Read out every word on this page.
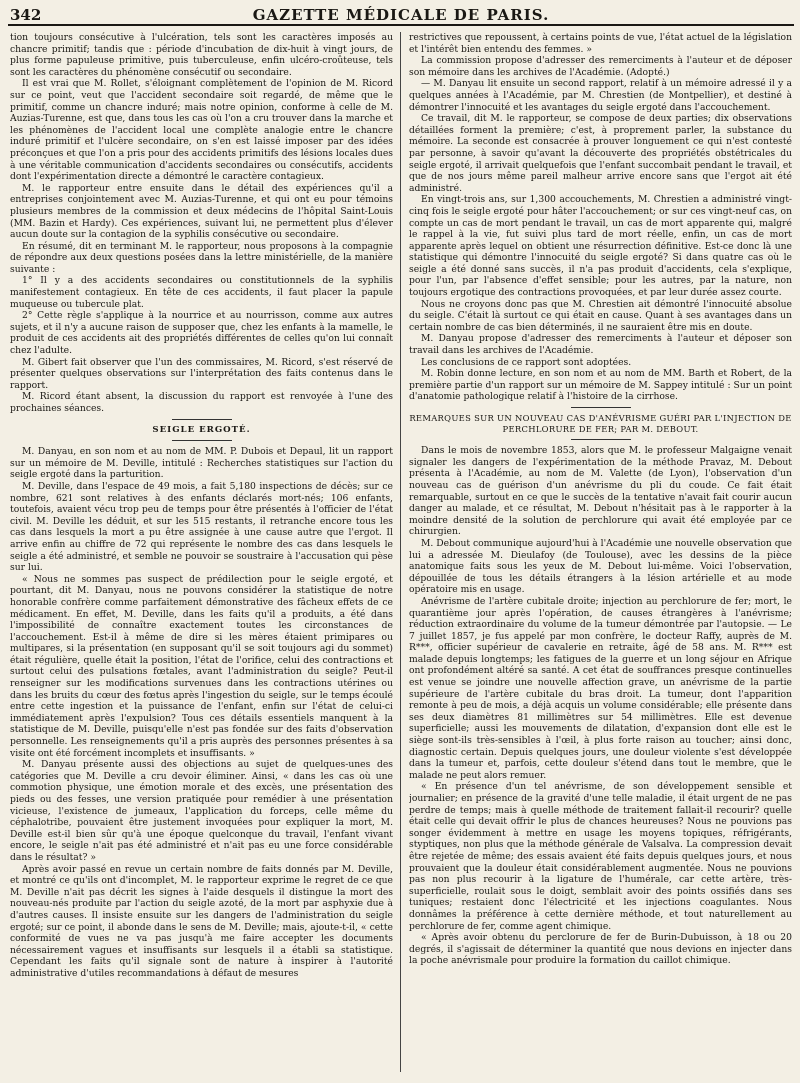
342	GAZETTE MÉDICALE DE PARIS.

tion toujours consécutive à l'ulcération, tels sont les caractères imposés au chancre primitif; tandis que : période d'incubation de dix-huit à vingt jours, de plus forme papuleuse primitive, puis tuberculeuse, enfin ulcéro-croûteuse, tels sont les caractères du phénomène consécutif ou secondaire.

Il est vrai que M. Rollet, s'éloignant complètement de l'opinion de M. Ricord sur ce point, veut que l'accident secondaire soit regardé, de même que le primitif, comme un chancre induré; mais notre opinion, conforme à celle de M. Auzias-Turenne, est que, dans tous les cas où l'on a cru trouver dans la marche et les phénomènes de l'accident local une complète analogie entre le chancre induré primitif et l'ulcère secondaire, on s'en est laissé imposer par des idées préconçues et que l'on a pris pour des accidents primitifs des lésions locales dues à une véritable communication d'accidents secondaires ou consécutifs, accidents dont l'expérimentation directe a démontré le caractère contagieux.

M. le rapporteur entre ensuite dans le détail des expériences qu'il a entreprises conjointement avec M. Auzias-Turenne, et qui ont eu pour témoins plusieurs membres de la commission et deux médecins de l'hôpital Saint-Louis (MM. Bazin et Hardy). Ces expériences, suivant lui, ne permettent plus d'élever aucun doute sur la contagion de la syphilis consécutive ou secondaire.

En résumé, dit en terminant M. le rapporteur, nous proposons à la compagnie de répondre aux deux questions posées dans la lettre ministérielle, de la manière suivante :

1° Il y a des accidents secondaires ou constitutionnels de la syphilis manifestement contagieux. En tête de ces accidents, il faut placer la papule muqueuse ou tubercule plat.

2° Cette règle s'applique à la nourrice et au nourrisson, comme aux autres sujets, et il n'y a aucune raison de supposer que, chez les enfants à la mamelle, le produit de ces accidents ait des propriétés différentes de celles qu'on lui connaît chez l'adulte.

M. Gibert fait observer que l'un des commissaires, M. Ricord, s'est réservé de présenter quelques observations sur l'interprétation des faits contenus dans le rapport.

M. Ricord étant absent, la discussion du rapport est renvoyée à l'une des prochaines séances.

SEIGLE ERGOTÉ.

M. Danyau, en son nom et au nom de MM. P. Dubois et Depaul, lit un rapport sur un mémoire de M. Deville, intitulé : Recherches statistiques sur l'action du seigle ergoté dans la parturition.

M. Deville, dans l'espace de 49 mois, a fait 5,180 inspections de décès; sur ce nombre, 621 sont relatives à des enfants déclarés mort-nés; 106 enfants, toutefois, avaient vécu trop peu de temps pour être présentés à l'officier de l'état civil. M. Deville les déduit, et sur les 515 restants, il retranche encore tous les cas dans lesquels la mort a pu être assignée à une cause autre que l'ergot. Il arrive enfin au chiffre de 72 qui représente le nombre des cas dans lesquels le seigle a été administré, et semble ne pouvoir se soustraire à l'accusation qui pèse sur lui.

« Nous ne sommes pas suspect de prédilection pour le seigle ergoté, et pourtant, dit M. Danyau, nous ne pouvons considérer la statistique de notre honorable confrère comme parfaitement démonstrative des fâcheux effets de ce médicament. En effet, M. Deville, dans les faits qu'il a produits, a été dans l'impossibilité de connaître exactement toutes les circonstances de l'accouchement. Est-il à même de dire si les mères étaient primipares ou multipares, si la présentation (en supposant qu'il se soit toujours agi du sommet) était régulière, quelle était la position, l'état de l'orifice, celui des contractions et surtout celui des pulsations fœtales, avant l'administration du seigle? Peut-il renseigner sur les modifications survenues dans les contractions utérines ou dans les bruits du cœur des fœtus après l'ingestion du seigle, sur le temps écoulé entre cette ingestion et la puissance de l'enfant, enfin sur l'état de celui-ci immédiatement après l'expulsion? Tous ces détails essentiels manquent à la statistique de M. Deville, puisqu'elle n'est pas fondée sur des faits d'observation personnelle. Les renseignements qu'il a pris auprès des personnes présentes à sa visite ont été forcément incomplets et insuffisants. »

M. Danyau présente aussi des objections au sujet de quelques-unes des catégories que M. Deville a cru devoir éliminer. Ainsi, « dans les cas où une commotion physique, une émotion morale et des excès, une présentation des pieds ou des fesses, une version pratiquée pour remédier à une présentation vicieuse, l'existence de jumeaux, l'application du forceps, celle même du céphalotribe, pouvaient être justement invoquées pour expliquer la mort, M. Deville est-il bien sûr qu'à une époque quelconque du travail, l'enfant vivant encore, le seigle n'ait pas été administré et n'ait pas eu une force considérable dans le résultat? »

Après avoir passé en revue un certain nombre de faits donnés par M. Deville, et montré ce qu'ils ont d'incomplet, M. le rapporteur exprime le regret de ce que M. Deville n'ait pas décrit les signes à l'aide desquels il distingue la mort des nouveau-nés produite par l'action du seigle azoté, de la mort par asphyxie due à d'autres causes. Il insiste ensuite sur les dangers de l'administration du seigle ergoté; sur ce point, il abonde dans le sens de M. Deville; mais, ajoute-t-il, « cette conformité de vues ne va pas jusqu'à me faire accepter les documents nécessairement vagues et insuffisants sur lesquels il a établi sa statistique. Cependant les faits qu'il signale sont de nature à inspirer à l'autorité administrative d'utiles recommandations à défaut de mesures

restrictives que repoussent, à certains points de vue, l'état actuel de la législation et l'intérêt bien entendu des femmes. »

La commission propose d'adresser des remerciments à l'auteur et de déposer son mémoire dans les archives de l'Académie. (Adopté.)

— M. Danyau lit ensuite un second rapport, relatif à un mémoire adressé il y a quelques années à l'Académie, par M. Chrestien (de Montpellier), et destiné à démontrer l'innocuité et les avantages du seigle ergoté dans l'accouchement.

Ce travail, dit M. le rapporteur, se compose de deux parties; dix observations détaillées forment la première; c'est, à proprement parler, la substance du mémoire. La seconde est consacrée à prouver longuement ce qui n'est contesté par personne, à savoir qu'avant la découverte des propriétés obstétricales du seigle ergoté, il arrivait quelquefois que l'enfant succombait pendant le travail, et que de nos jours même pareil malheur arrive encore sans que l'ergot ait été administré.

En vingt-trois ans, sur 1,300 accouchements, M. Chrestien a administré vingt-cinq fois le seigle ergoté pour hâter l'accouchement; or sur ces vingt-neuf cas, on compte un cas de mort pendant le travail, un cas de mort apparente qui, malgré le rappel à la vie, fut suivi plus tard de mort réelle, enfin, un cas de mort apparente après lequel on obtient une résurrection définitive. Est-ce donc là une statistique qui démontre l'innocuité du seigle ergoté? Si dans quatre cas où le seigle a été donné sans succès, il n'a pas produit d'accidents, cela s'explique, pour l'un, par l'absence d'effet sensible; pour les autres, par la nature, non toujours ergotique des contractions provoquées, et par leur durée assez courte.

Nous ne croyons donc pas que M. Chrestien ait démontré l'innocuité absolue du seigle. C'était là surtout ce qui était en cause. Quant à ses avantages dans un certain nombre de cas bien déterminés, il ne sauraient être mis en doute.

M. Danyau propose d'adresser des remerciments à l'auteur et déposer son travail dans les archives de l'Académie.

Les conclusions de ce rapport sont adoptées.

M. Robin donne lecture, en son nom et au nom de MM. Barth et Robert, de la première partie d'un rapport sur un mémoire de M. Sappey intitulé : Sur un point d'anatomie pathologique relatif à l'histoire de la cirrhose.

REMARQUES SUR UN NOUVEAU CAS D'ANÉVRISME GUÉRI PAR L'INJECTION DE PERCHLORURE DE FER; PAR M. DEBOUT.

Dans le mois de novembre 1853, alors que M. le professeur Malgaigne venait signaler les dangers de l'expérimentation de la méthode Pravaz, M. Debout présenta à l'Académie, au nom de M. Valette (de Lyon), l'observation d'un nouveau cas de guérison d'un anévrisme du pli du coude. Ce fait était remarquable, surtout en ce que le succès de la tentative n'avait fait courir aucun danger au malade, et ce résultat, M. Debout n'hésitait pas à le rapporter à la moindre densité de la solution de perchlorure qui avait été employée par ce chirurgien.

M. Debout communique aujourd'hui à l'Académie une nouvelle observation que lui a adressée M. Dieulafoy (de Toulouse), avec les dessins de la pièce anatomique faits sous les yeux de M. Debout lui-même. Voici l'observation, dépouillée de tous les détails étrangers à la lésion artérielle et au mode opératoire mis en usage.

Anévrisme de l'artère cubitale droite; injection au perchlorure de fer; mort, le quarantième jour après l'opération, de causes étrangères à l'anévrisme; réduction extraordinaire du volume de la tumeur démontrée par l'autopsie. — Le 7 juillet 1857, je fus appelé par mon confrère, le docteur Raffy, auprès de M. R***, officier supérieur de cavalerie en retraite, âgé de 58 ans. M. R*** est malade depuis longtemps; les fatigues de la guerre et un long séjour en Afrique ont profondément altéré sa santé. A cet état de souffrances presque continuelles est venue se joindre une nouvelle affection grave, un anévrisme de la partie supérieure de l'artère cubitale du bras droit. La tumeur, dont l'apparition remonte à peu de mois, a déjà acquis un volume considérable; elle présente dans ses deux diamètres 81 millimètres sur 54 millimètres. Elle est devenue superficielle; aussi les mouvements de dilatation, d'expansion dont elle est le siège sont-ils très-sensibles à l'œil, à plus forte raison au toucher; ainsi donc, diagnostic certain. Depuis quelques jours, une douleur violente s'est développée dans la tumeur et, parfois, cette douleur s'étend dans tout le membre, que le malade ne peut alors remuer.

« En présence d'un tel anévrisme, de son développement sensible et journalier; en présence de la gravité d'une telle maladie, il était urgent de ne pas perdre de temps; mais à quelle méthode de traitement fallait-il recourir? quelle était celle qui devait offrir le plus de chances heureuses? Nous ne pouvions pas songer évidemment à mettre en usage les moyens topiques, réfrigérants, styptiques, non plus que la méthode générale de Valsalva. La compression devait être rejetée de même; des essais avaient été faits depuis quelques jours, et nous prouvaient que la douleur était considérablement augmentée. Nous ne pouvions pas non plus recourir à la ligature de l'humérale, car cette artère, très-superficielle, roulait sous le doigt, semblait avoir des points ossifiés dans ses tuniques; restaient donc l'électricité et les injections coagulantes. Nous donnâmes la préférence à cette dernière méthode, et tout naturellement au perchlorure de fer, comme agent chimique.

« Après avoir obtenu du perclorure de fer de Burin-Dubuisson, à 18 ou 20 degrés, il s'agissait de déterminer la quantité que nous devions en injecter dans la poche anévrismale pour produire la formation du caillot chimique.
